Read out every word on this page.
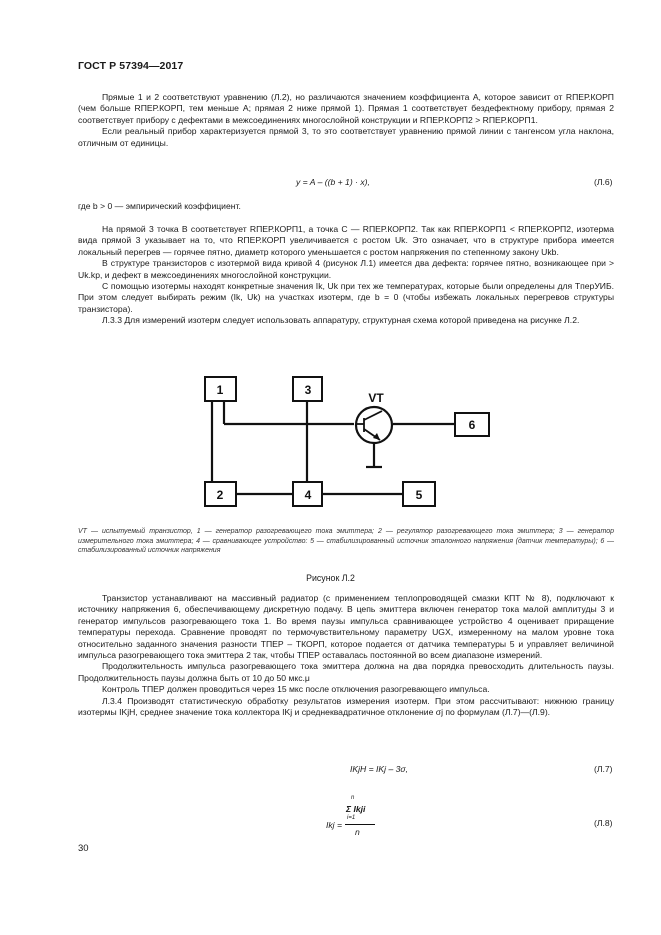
ГОСТ Р 57394—2017

Прямые 1 и 2 соответствуют уравнению (Л.2), но различаются значением коэффициента А, которое зависит от RПЕР.КОРП (чем больше RПЕР.КОРП, тем меньше А; прямая 2 ниже прямой 1). Прямая 1 соответствует бездефектному прибору, прямая 2 соответствует прибору с дефектами в межсоединениях многослойной конструкции и RПЕР.КОРП2 > RПЕР.КОРП1.

Если реальный прибор характеризуется прямой 3, то это соответствует уравнению прямой линии с тангенсом угла наклона, отличным от единицы.

y = A – ((b + 1) · x),	(Л.6)

где b > 0 — эмпирический коэффициент.

На прямой 3 точка В соответствует RПЕР.КОРП1, а точка С — RПЕР.КОРП2. Так как RПЕР.КОРП1 < RПЕР.КОРП2, изотерма вида прямой 3 указывает на то, что RПЕР.КОРП увеличивается с ростом Uk. Это означает, что в структуре прибора имеется локальный перегрев — горячее пятно, диаметр которого уменьшается с ростом напряжения по степенному закону Ukb.

В структуре транзисторов с изотермой вида кривой 4 (рисунок Л.1) имеется два дефекта: горячее пятно, возникающее при > Uk.kp, и дефект в межсоединениях многослойной конструкции.

С помощью изотермы находят конкретные значения Ik, Uk при тех же температурах, которые были определены для TперУИБ. При этом следует выбирать режим (Ik, Uk) на участках изотерм, где b = 0 (чтобы избежать локальных перегревов структуры транзистора).

Л.3.3 Для измерений изотерм следует использовать аппаратуру, структурная схема которой приведена на рисунке Л.2.

1	3
2	4	5
6
VT
VT — испытуемый транзистор, 1 — генератор разогревающего тока эмиттера; 2 — регулятор разогревающего тока эмиттера; 3 — генератор измерительного тока эмиттера; 4 — сравнивающее устройство: 5 — стабилизированный источник эталонного напряжения (датчик температуры); 6 — стабилизированный источник напряжения
Рисунок Л.2

Транзистор устанавливают на массивный радиатор (с применением теплопроводящей смазки КПТ № 8), подключают к источнику напряжения 6, обеспечивающему дискретную подачу. В цепь эмиттера включен генератор тока малой амплитуды 3 и генератор импульсов разогревающего тока 1. Во время паузы импульса сравнивающее устройство 4 оценивает приращение температуры перехода. Сравнение проводят по термочувствительному параметру UGX, измеренному на малом уровне тока относительно заданного значения разности TПЕР – TКОРП, которое подается от датчика температуры 5 и управляет величиной импульса разогревающего тока эмиттера 2 так, чтобы TПЕР оставалась постоянной во всем диапазоне измерений.

Продолжительность импульса разогревающего тока эмиттера должна на два порядка превосходить длительность паузы. Продолжительность паузы должна быть от 10 до 50 мкс.μ

Контроль TПЕР должен проводиться через 15 мкс после отключения разогревающего импульса.

Л.3.4 Производят статистическую обработку результатов измерения изотерм. При этом рассчитывают: нижнюю границу изотермы IKjH, среднее значение тока коллектора IKj и среднеквадратичное отклонение σj по формулам (Л.7)—(Л.9).

IKjH = IKj – 3σ,	(Л.7)
Ikj =
n
Σ Ikji
i=1
n
(Л.8)
30
